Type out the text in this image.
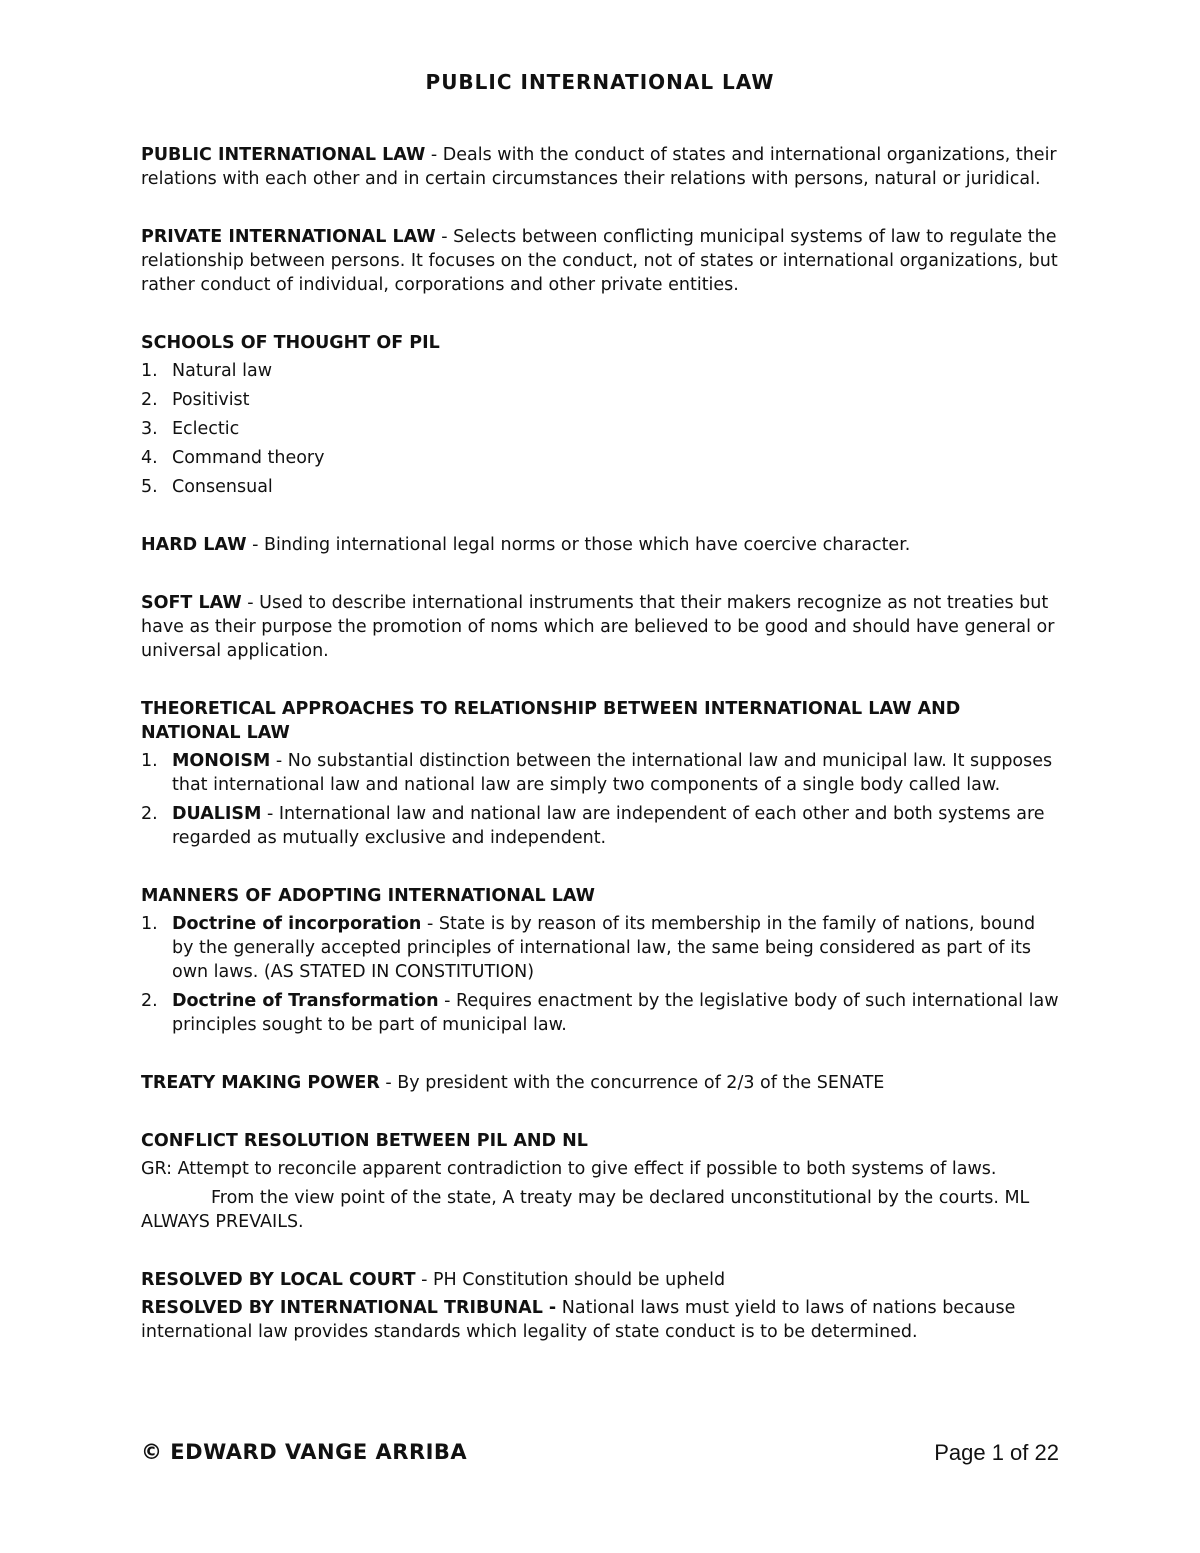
PUBLIC INTERNATIONAL LAW

PUBLIC INTERNATIONAL LAW - Deals with the conduct of states and international organizations, their relations with each other and in certain circumstances their relations with persons, natural or juridical.

PRIVATE INTERNATIONAL LAW - Selects between conflicting municipal systems of law to regulate the relationship between persons. It focuses on the conduct, not of states or international organizations, but rather conduct of individual, corporations and other private entities.

SCHOOLS OF THOUGHT OF PIL
1. Natural law
2. Positivist
3. Eclectic
4. Command theory
5. Consensual

HARD LAW - Binding international legal norms or those which have coercive character.

SOFT LAW - Used to describe international instruments that their makers recognize as not treaties but have as their purpose the promotion of noms which are believed to be good and should have general or universal application.

THEORETICAL APPROACHES TO RELATIONSHIP BETWEEN INTERNATIONAL LAW AND NATIONAL LAW
1. MONOISM - No substantial distinction between the international law and municipal law. It supposes that international law and national law are simply two components of a single body called law.
2. DUALISM - International law and national law are independent of each other and both systems are regarded as mutually exclusive and independent.
MANNERS OF ADOPTING INTERNATIONAL LAW
1. Doctrine of incorporation - State is by reason of its membership in the family of nations, bound by the generally accepted principles of international law, the same being considered as part of its own laws. (AS STATED IN CONSTITUTION)
2. Doctrine of Transformation - Requires enactment by the legislative body of such international law principles sought to be part of municipal law.

TREATY MAKING POWER - By president with the concurrence of 2/3 of the SENATE

CONFLICT RESOLUTION BETWEEN PIL AND NL

GR: Attempt to reconcile apparent contradiction to give effect if possible to both systems of laws.

From the view point of the state, A treaty may be declared unconstitutional by the courts. ML ALWAYS PREVAILS.

RESOLVED BY LOCAL COURT - PH Constitution should be upheld

RESOLVED BY INTERNATIONAL TRIBUNAL - National laws must yield to laws of nations because international law provides standards which legality of state conduct is to be determined.

© EDWARD VANGE ARRIBA	Page 1 of 22
